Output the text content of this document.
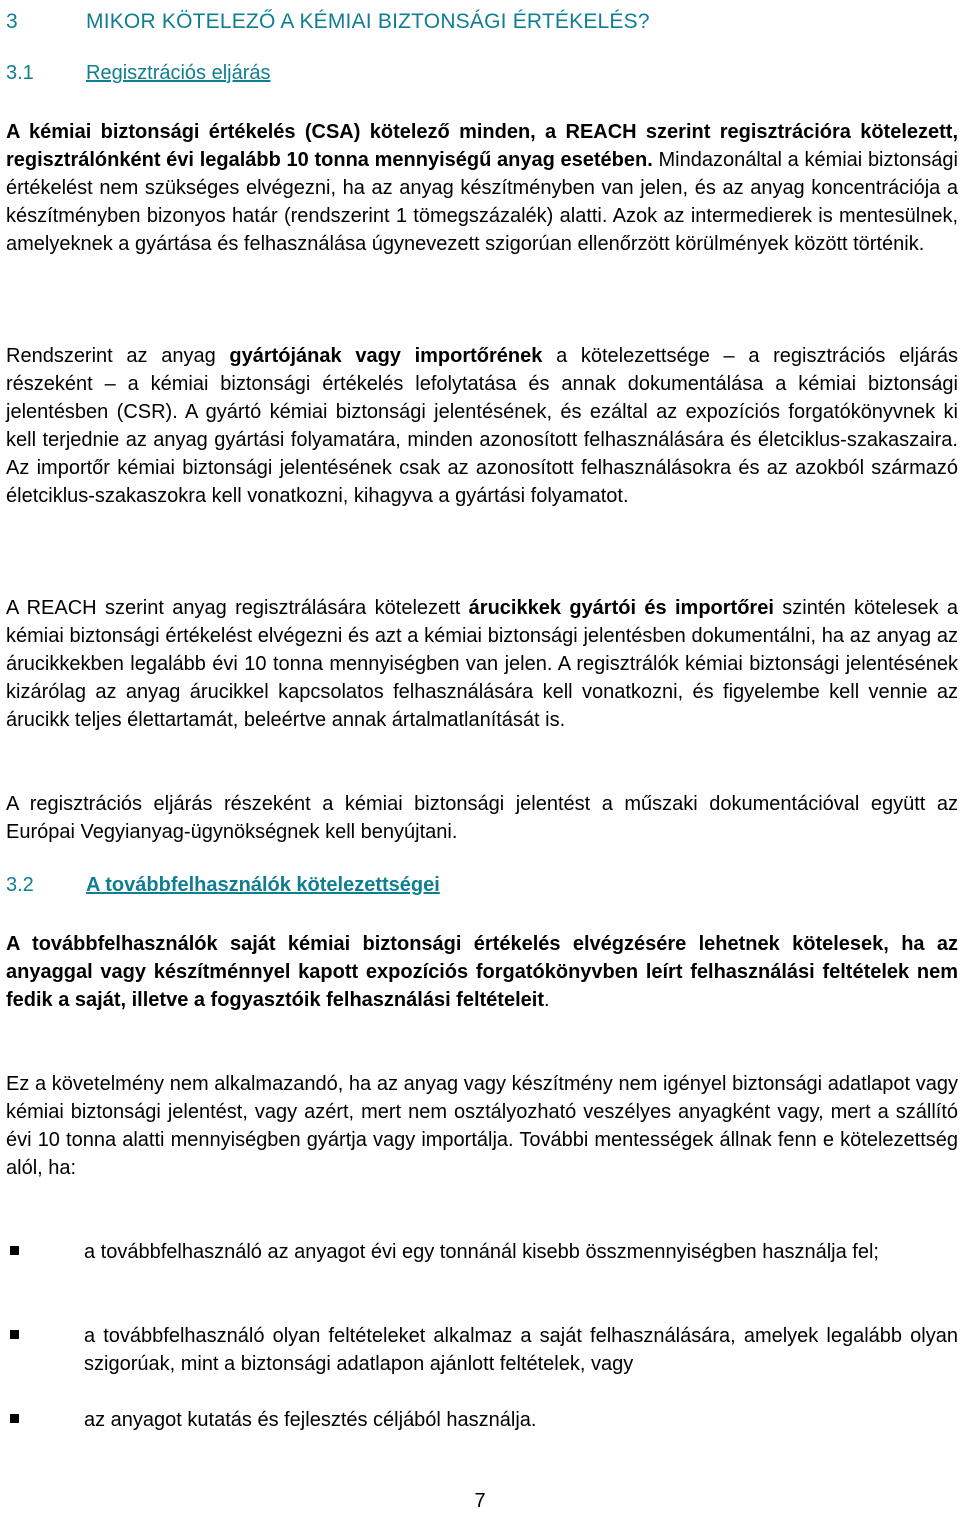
3	MIKOR KÖTELEZŐ A KÉMIAI BIZTONSÁGI ÉRTÉKELÉS?
3.1	Regisztrációs eljárás

A kémiai biztonsági értékelés (CSA) kötelező minden, a REACH szerint regisztrációra kötelezett, regisztrálónként évi legalább 10 tonna mennyiségű anyag esetében. Mindazonáltal a kémiai biztonsági értékelést nem szükséges elvégezni, ha az anyag készítményben van jelen, és az anyag koncentrációja a készítményben bizonyos határ (rendszerint 1 tömegszázalék) alatti. Azok az intermedierek is mentesülnek, amelyeknek a gyártása és felhasználása úgynevezett szigorúan ellenőrzött körülmények között történik.

Rendszerint az anyag gyártójának vagy importőrének a kötelezettsége – a regisztrációs eljárás részeként – a kémiai biztonsági értékelés lefolytatása és annak dokumentálása a kémiai biztonsági jelentésben (CSR). A gyártó kémiai biztonsági jelentésének, és ezáltal az expozíciós forgatókönyvnek ki kell terjednie az anyag gyártási folyamatára, minden azonosított felhasználására és életciklus-szakaszaira. Az importőr kémiai biztonsági jelentésének csak az azonosított felhasználásokra és az azokból származó életciklus-szakaszokra kell vonatkozni, kihagyva a gyártási folyamatot.

A REACH szerint anyag regisztrálására kötelezett árucikkek gyártói és importőrei szintén kötelesek a kémiai biztonsági értékelést elvégezni és azt a kémiai biztonsági jelentésben dokumentálni, ha az anyag az árucikkekben legalább évi 10 tonna mennyiségben van jelen. A regisztrálók kémiai biztonsági jelentésének kizárólag az anyag árucikkel kapcsolatos felhasználására kell vonatkozni, és figyelembe kell vennie az árucikk teljes élettartamát, beleértve annak ártalmatlanítását is.

A regisztrációs eljárás részeként a kémiai biztonsági jelentést a műszaki dokumentációval együtt az Európai Vegyianyag-ügynökségnek kell benyújtani.

3.2	A továbbfelhasználók kötelezettségei

A továbbfelhasználók saját kémiai biztonsági értékelés elvégzésére lehetnek kötelesek, ha az anyaggal vagy készítménnyel kapott expozíciós forgatókönyvben leírt felhasználási feltételek nem fedik a saját, illetve a fogyasztóik felhasználási feltételeit.

Ez a követelmény nem alkalmazandó, ha az anyag vagy készítmény nem igényel biztonsági adatlapot vagy kémiai biztonsági jelentést, vagy azért, mert nem osztályozható veszélyes anyagként vagy, mert a szállító évi 10 tonna alatti mennyiségben gyártja vagy importálja. További mentességek állnak fenn e kötelezettség alól, ha:

a továbbfelhasználó az anyagot évi egy tonnánál kisebb összmennyiségben használja fel;
a továbbfelhasználó olyan feltételeket alkalmaz a saját felhasználására, amelyek legalább olyan szigorúak, mint a biztonsági adatlapon ajánlott feltételek, vagy
az anyagot kutatás és fejlesztés céljából használja.
7
